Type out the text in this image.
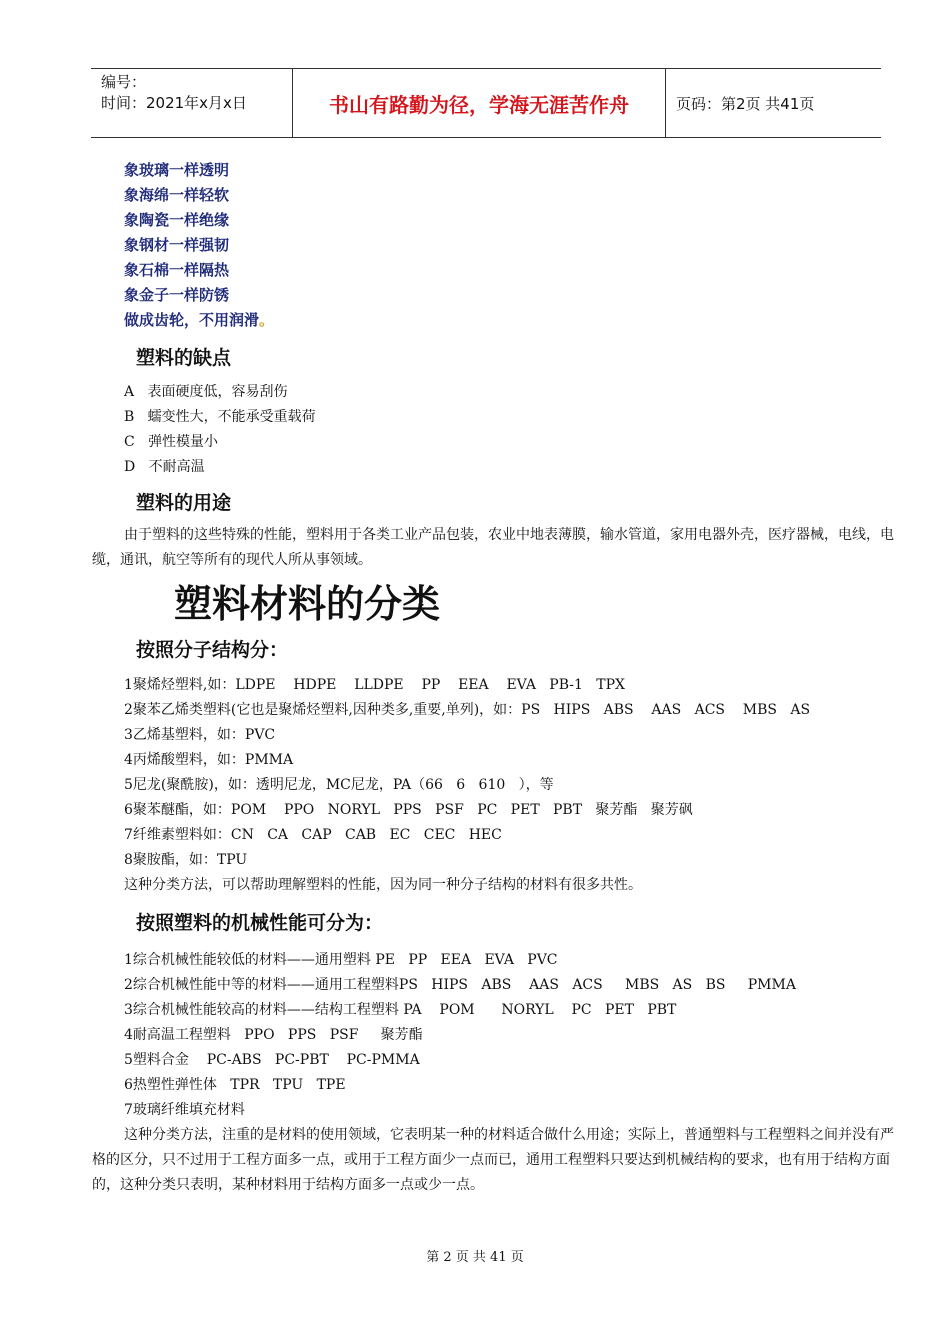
编号：
时间：2021年x月x日	书山有路勤为径，学海无涯苦作舟	页码：第2页 共41页
象玻璃一样透明
象海绵一样轻软
象陶瓷一样绝缘
象钢材一样强韧
象石棉一样隔热
象金子一样防锈
做成齿轮，不用润滑。
塑料的缺点
A   表面硬度低，容易刮伤
B   蠕变性大，不能承受重载荷
C   弹性模量小
D   不耐高温
塑料的用途
由于塑料的这些特殊的性能，塑料用于各类工业产品包装，农业中地表薄膜，输水管道，家用电器外壳，医疗器械，电线，电缆，通讯，航空等所有的现代人所从事领域。
塑料材料的分类
按照分子结构分：
1聚烯烃塑料,如：LDPE    HDPE    LLDPE    PP    EEA    EVA   PB-1   TPX
2聚苯乙烯类塑料(它也是聚烯烃塑料,因种类多,重要,单列)，如：PS   HIPS   ABS    AAS   ACS    MBS   AS
3乙烯基塑料，如：PVC
4丙烯酸塑料，如：PMMA
5尼龙(聚酰胺)，如：透明尼龙，MC尼龙，PA（66   6   610   ），等
6聚苯醚酯，如：POM    PPO   NORYL   PPS   PSF   PC   PET   PBT   聚芳酯   聚芳砜
7纤维素塑料如：CN   CA   CAP   CAB   EC   CEC   HEC
8聚胺酯，如：TPU
这种分类方法，可以帮助理解塑料的性能，因为同一种分子结构的材料有很多共性。
按照塑料的机械性能可分为：
1综合机械性能较低的材料——通用塑料 PE   PP   EEA   EVA   PVC
2综合机械性能中等的材料——通用工程塑料PS   HIPS   ABS    AAS   ACS     MBS   AS   BS     PMMA
3综合机械性能较高的材料——结构工程塑料 PA    POM      NORYL    PC   PET   PBT
4耐高温工程塑料   PPO   PPS   PSF     聚芳酯
5塑料合金    PC-ABS   PC-PBT    PC-PMMA
6热塑性弹性体   TPR   TPU   TPE
7玻璃纤维填充材料
这种分类方法，注重的是材料的使用领域，它表明某一种的材料适合做什么用途；实际上，普通塑料与工程塑料之间并没有严格的区分，只不过用于工程方面多一点，或用于工程方面少一点而已，通用工程塑料只要达到机械结构的要求，也有用于结构方面的，这种分类只表明，某种材料用于结构方面多一点或少一点。
第 2 页 共 41 页
